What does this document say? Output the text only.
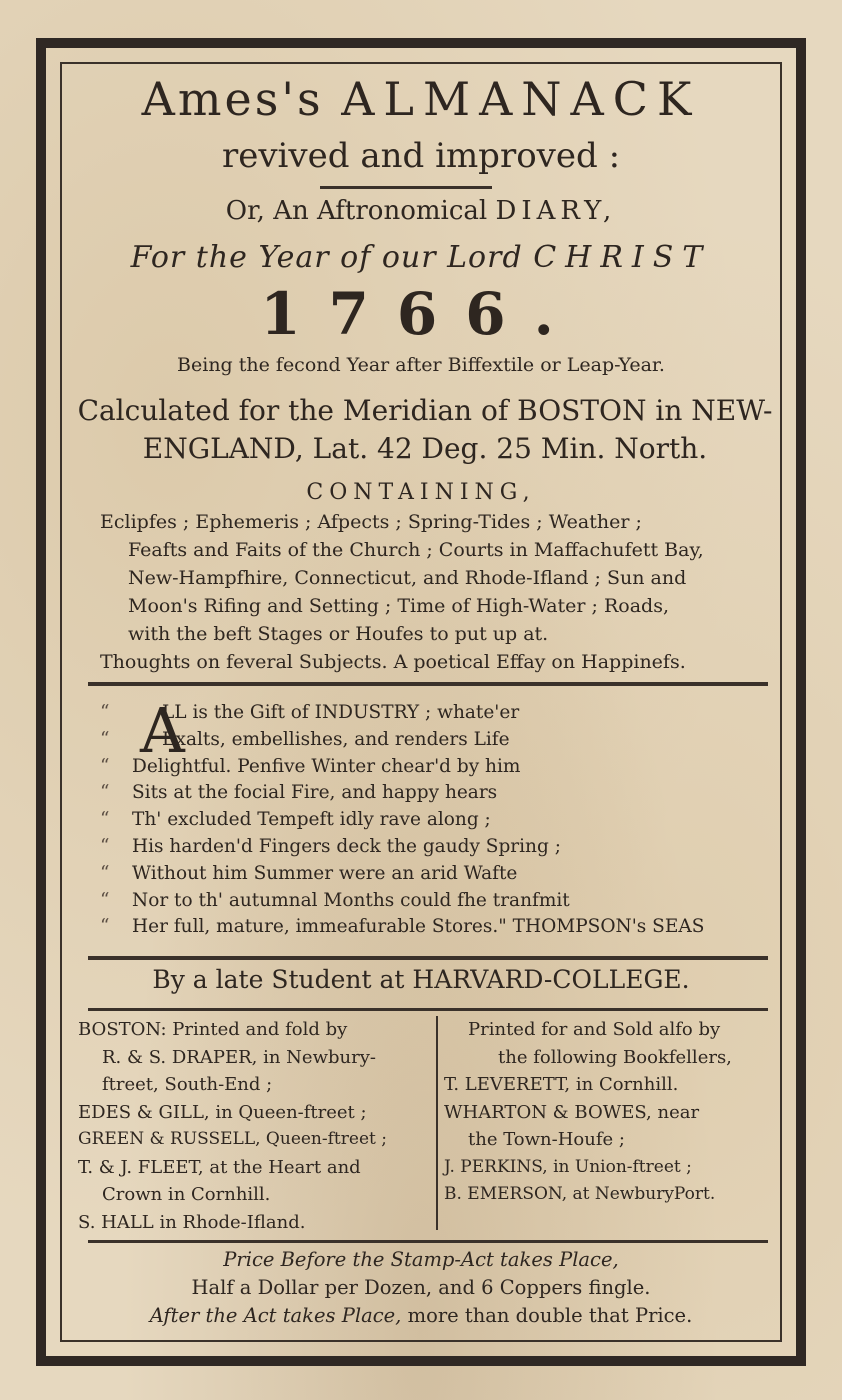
Ames's ALMANACK
revived and improved :
Or, An Aftronomical DIARY,
For the Year of our Lord CHRIST
1766.
Being the fecond Year after Biffextile or Leap-Year.
Calculated for the Meridian of BOSTON in NEW-
ENGLAND, Lat. 42 Deg. 25 Min. North.
CONTAINING,
Eclipfes ; Ephemeris ; Afpects ; Spring-Tides ; Weather ;
Feafts and Faits of the Church ; Courts in Maffachufett Bay,
New-Hampfhire, Connecticut, and Rhode-Ifland ; Sun and
Moon's Rifing and Setting ; Time of High-Water ; Roads,
with the beft Stages or Houfes to put up at.
Thoughts on feveral Subjects. A poetical Effay on Happinefs.
A
“	LL is the Gift of INDUSTRY ; whate'er
“	Exalts, embellishes, and renders Life
“ Delightful. Penfive Winter chear'd by him
“ Sits at the focial Fire, and happy hears
“ Th' excluded Tempeft idly rave along ;
“ His harden'd Fingers deck the gaudy Spring ;
“ Without him Summer were an arid Wafte
“ Nor to th' autumnal Months could fhe tranfmit
“ Her full, mature, immeafurable Stores." THOMPSON's SEAS
By a late Student at HARVARD-COLLEGE.
BOSTON: Printed and fold by
R. & S. DRAPER, in Newbury-
ftreet, South-End ;
EDES & GILL, in Queen-ftreet ;
GREEN & RUSSELL, Queen-ftreet ;
T. & J. FLEET, at the Heart and
Crown in Cornhill.
S. HALL in Rhode-Ifland.
Printed for and Sold alfo by
the following Bookfellers,
T. LEVERETT, in Cornhill.
WHARTON & BOWES, near
the Town-Houfe ;
J. PERKINS, in Union-ftreet ;
B. EMERSON, at NewburyPort.
Price Before the Stamp-Act takes Place,
Half a Dollar per Dozen, and 6 Coppers fingle.
After the Act takes Place, more than double that Price.
